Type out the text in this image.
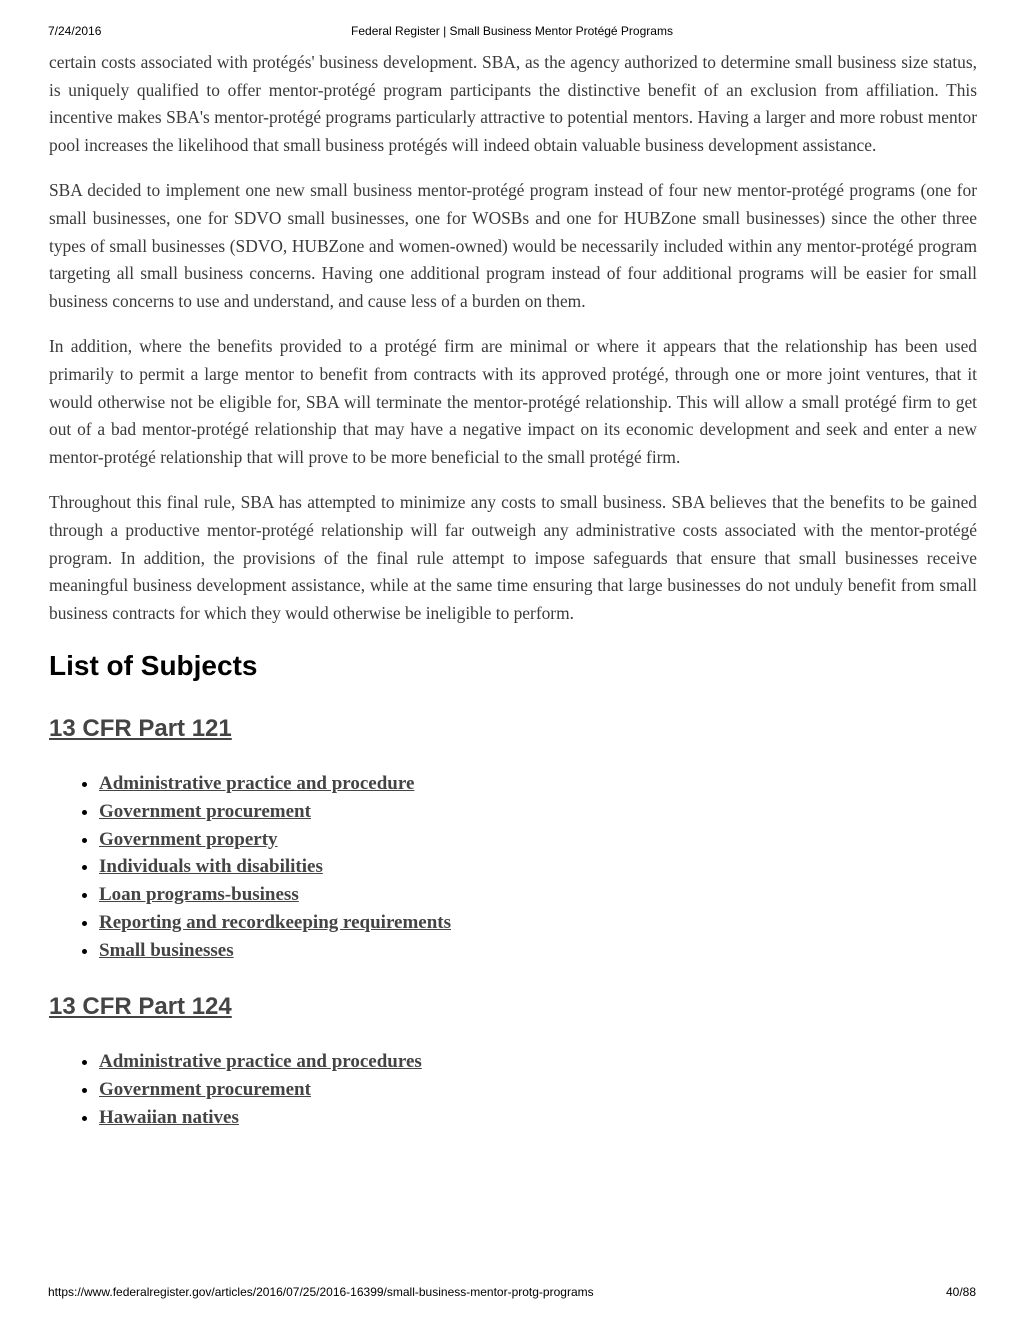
7/24/2016	Federal Register | Small Business Mentor Protégé Programs

certain costs associated with protégés' business development. SBA, as the agency authorized to determine small business size status, is uniquely qualified to offer mentor-protégé program participants the distinctive benefit of an exclusion from affiliation. This incentive makes SBA's mentor-protégé programs particularly attractive to potential mentors. Having a larger and more robust mentor pool increases the likelihood that small business protégés will indeed obtain valuable business development assistance.

SBA decided to implement one new small business mentor-protégé program instead of four new mentor-protégé programs (one for small businesses, one for SDVO small businesses, one for WOSBs and one for HUBZone small businesses) since the other three types of small businesses (SDVO, HUBZone and women-owned) would be necessarily included within any mentor-protégé program targeting all small business concerns. Having one additional program instead of four additional programs will be easier for small business concerns to use and understand, and cause less of a burden on them.

In addition, where the benefits provided to a protégé firm are minimal or where it appears that the relationship has been used primarily to permit a large mentor to benefit from contracts with its approved protégé, through one or more joint ventures, that it would otherwise not be eligible for, SBA will terminate the mentor-protégé relationship. This will allow a small protégé firm to get out of a bad mentor-protégé relationship that may have a negative impact on its economic development and seek and enter a new mentor-protégé relationship that will prove to be more beneficial to the small protégé firm.

Throughout this final rule, SBA has attempted to minimize any costs to small business. SBA believes that the benefits to be gained through a productive mentor-protégé relationship will far outweigh any administrative costs associated with the mentor-protégé program. In addition, the provisions of the final rule attempt to impose safeguards that ensure that small businesses receive meaningful business development assistance, while at the same time ensuring that large businesses do not unduly benefit from small business contracts for which they would otherwise be ineligible to perform.

List of Subjects
13 CFR Part 121
• Administrative practice and procedure
• Government procurement
• Government property
• Individuals with disabilities
• Loan programs-business
• Reporting and recordkeeping requirements
• Small businesses
13 CFR Part 124
• Administrative practice and procedures
• Government procurement
• Hawaiian natives
https://www.federalregister.gov/articles/2016/07/25/2016-16399/small-business-mentor-protg-programs	40/88
